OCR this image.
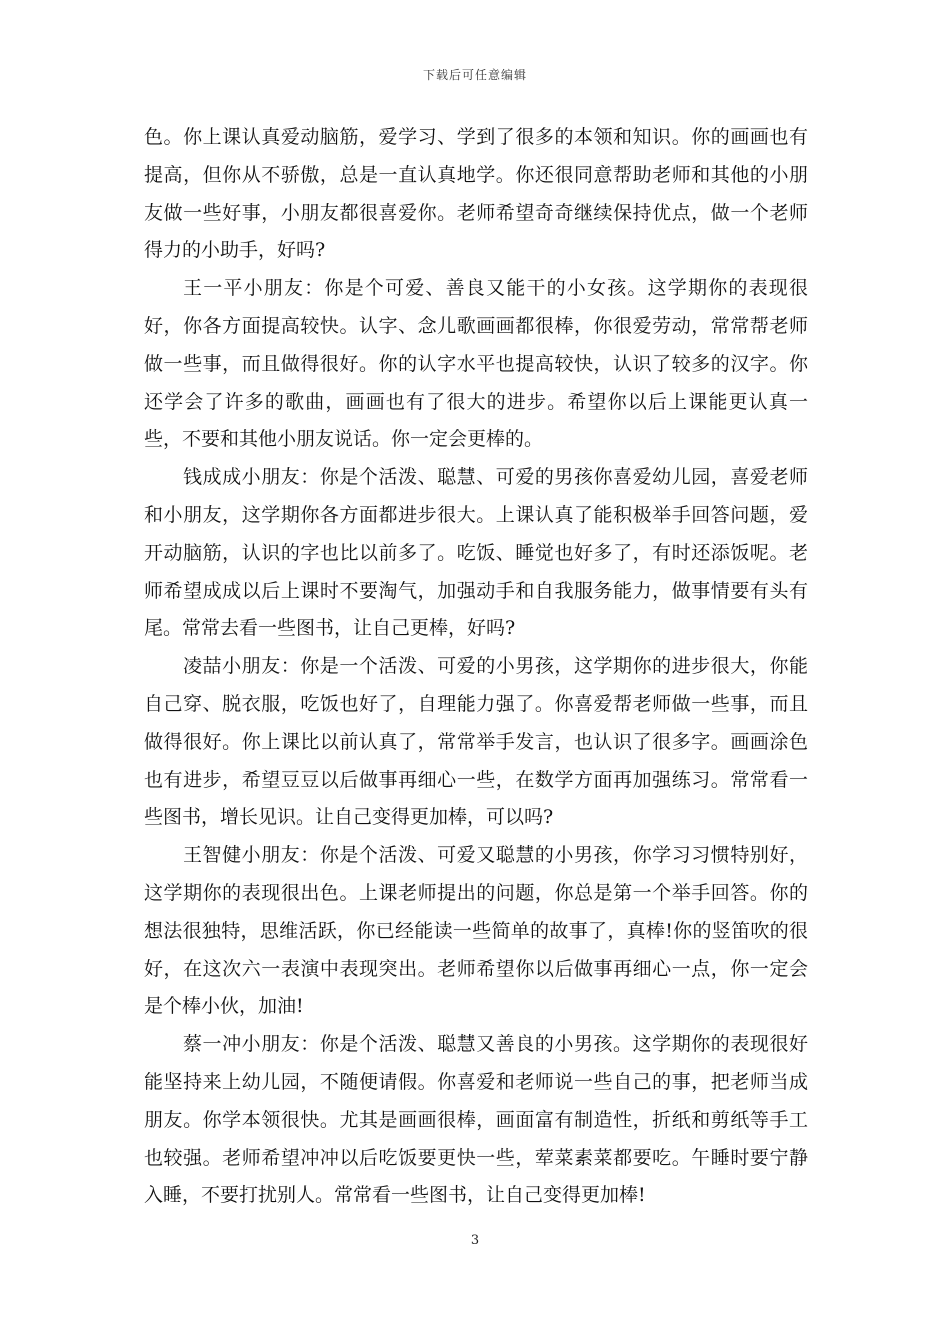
下载后可任意编辑

色。你上课认真爱动脑筋，爱学习、学到了很多的本领和知识。你的画画也有提高，但你从不骄傲，总是一直认真地学。你还很同意帮助老师和其他的小朋友做一些好事，小朋友都很喜爱你。老师希望奇奇继续保持优点，做一个老师得力的小助手，好吗?

王一平小朋友：你是个可爱、善良又能干的小女孩。这学期你的表现很好，你各方面提高较快。认字、念儿歌画画都很棒，你很爱劳动，常常帮老师做一些事，而且做得很好。你的认字水平也提高较快，认识了较多的汉字。你还学会了许多的歌曲，画画也有了很大的进步。希望你以后上课能更认真一些，不要和其他小朋友说话。你一定会更棒的。

钱成成小朋友：你是个活泼、聪慧、可爱的男孩你喜爱幼儿园，喜爱老师和小朋友，这学期你各方面都进步很大。上课认真了能积极举手回答问题，爱开动脑筋，认识的字也比以前多了。吃饭、睡觉也好多了，有时还添饭呢。老师希望成成以后上课时不要淘气，加强动手和自我服务能力，做事情要有头有尾。常常去看一些图书，让自己更棒，好吗?

凌喆小朋友：你是一个活泼、可爱的小男孩，这学期你的进步很大，你能自己穿、脱衣服，吃饭也好了，自理能力强了。你喜爱帮老师做一些事，而且做得很好。你上课比以前认真了，常常举手发言，也认识了很多字。画画涂色也有进步，希望豆豆以后做事再细心一些，在数学方面再加强练习。常常看一些图书，增长见识。让自己变得更加棒，可以吗?

王智健小朋友：你是个活泼、可爱又聪慧的小男孩，你学习习惯特别好，这学期你的表现很出色。上课老师提出的问题，你总是第一个举手回答。你的想法很独特，思维活跃，你已经能读一些简单的故事了，真棒!你的竖笛吹的很好，在这次六一表演中表现突出。老师希望你以后做事再细心一点，你一定会是个棒小伙，加油!

蔡一冲小朋友：你是个活泼、聪慧又善良的小男孩。这学期你的表现很好能坚持来上幼儿园，不随便请假。你喜爱和老师说一些自己的事，把老师当成朋友。你学本领很快。尤其是画画很棒，画面富有制造性，折纸和剪纸等手工也较强。老师希望冲冲以后吃饭要更快一些，荤菜素菜都要吃。午睡时要宁静入睡，不要打扰别人。常常看一些图书，让自己变得更加棒!

3
